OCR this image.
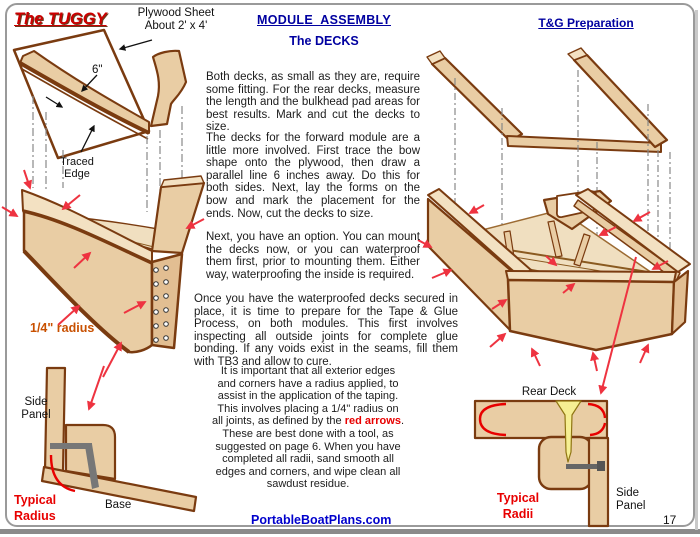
The TUGGY	Plywood Sheet About 2' x 4'	MODULE ASSEMBLY
The DECKS
T&G Preparation
6"
Traced Edge
1/4" radius
Side Panel
Base
Typical Radius
Rear Deck
Side Panel
Typical Radii
Both decks, as small as they are, require some fitting. For the rear decks, measure the length and the bulkhead pad areas for best results. Mark and cut the decks to size.
The decks for the forward module are a little more involved. First trace the bow shape onto the plywood, then draw a parallel line 6 inches away. Do this for both sides. Next, lay the forms on the bow and mark the placement for the ends. Now, cut the decks to size.
Next, you have an option. You can mount the decks now, or you can waterproof them first, prior to mounting them. Either way, waterproofing the inside is required.
Once you have the waterproofed decks secured in place, it is time to prepare for the Tape & Glue Process, on both modules. This first involves inspecting all outside joints for complete glue bonding. If any voids exist in the seams, fill them with TB3 and allow to cure.
It is important that all exterior edges and corners have a radius applied, to assist in the application of the taping. This involves placing a 1/4" radius on all joints, as defined by the red arrows. These are best done with a tool, as suggested on page 6. When you have completed all radii, sand smooth all edges and corners, and wipe clean all sawdust residue.
PortableBoatPlans.com	17
